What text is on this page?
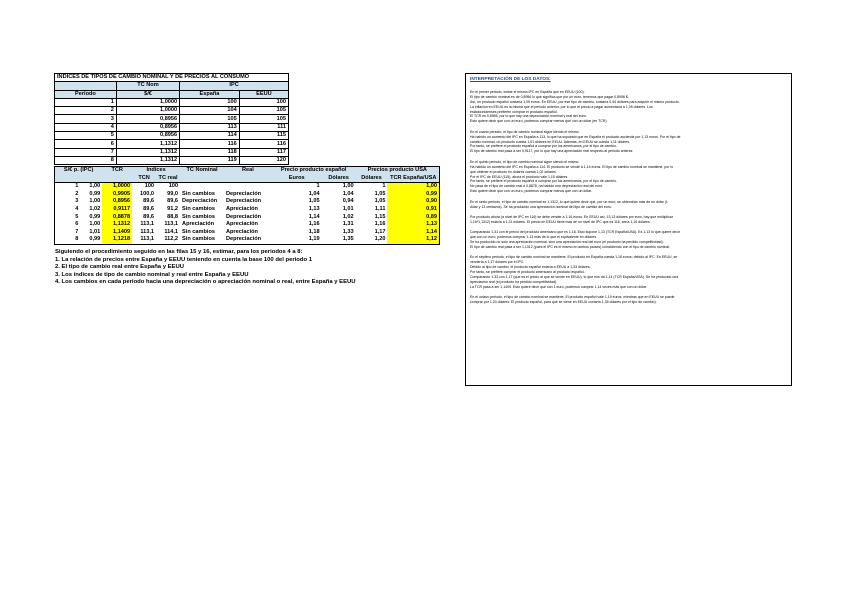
INDICES DE TIPOS DE CAMBIO NOMINAL Y DE PRECIOS AL CONSUMO			
	TC Nom	IPC	
Periodo	$/€	España	EEUU
1	1,0000	100	100
2	1,0000	104	105
3	0,8956	105	105
4	0,8956	113	111
5	0,8956	114	115
6	1,1312	116	116
7	1,1312	118	117
8	1,1312	119	120
S/€ p. (IPC)		TCR	Indices		TC Nominal	Real	Precio producto español		Precios producto USA	
			TCN	TC real			Euros	Dólares	Dólares	TCR España/USA
1	1,00	1,0000	100	100			1	1,00	1	1,00
2	0,99	0,9905	100,0	99,0	Sin cambios	Depreciación	1,04	1,04	1,05	0,99
3	1,00	0,8956	89,6	89,6	Depreciación	Depreciación	1,05	0,94	1,05	0,90
4	1,02	0,9117	89,6	91,2	Sin cambios	Apreciación	1,13	1,01	1,11	0,91
5	0,99	0,8878	89,6	88,8	Sin cambios	Depreciación	1,14	1,02	1,15	0,89
6	1,00	1,1312	113,1	113,1	Apreciación	Apreciación	1,16	1,31	1,16	1,13
7	1,01	1,1409	113,1	114,1	Sin cambios	Apreciación	1,18	1,33	1,17	1,14
8	0,99	1,1218	113,1	112,2	Sin cambios	Depreciación	1,19	1,35	1,20	1,12
Siguiendo el procedimiento seguido en las filas 15 y 16, estimar, para los periodos 4 a 8:
1. La relación de precios entre España y EEUU teniendo en cuenta la base 100 del periodo 1
2. El tipo de cambio real entre España y EEUU
3. Los índices de tipo de cambio nominal y real entre España y EEUU
4. Los cambios en cada periodo hacia una depreciación o apreciación nominal o real, entre España y EEUU
INTERPRETACIÓN DE LOS DATOS:

En el primer periodo, existe el mismo IPC en España que en EEUU (100).
El tipo de cambio nominal es de 0,8956 lo que significa que por un euro, tenemos que pagar 0,8956 $.
Así, un producto español costaría 1,05 euros. En EEUU, por ese tipo de cambio, costaría 0,94 dólares para adquirir el mismo producto.
La inflación en EEUU es la misma que el periodo anterior, por lo que el precio a pagar aumentaría a 1,05 dólares. Los
estadounidenses prefieren comprar el producto español.
El TCR es 0,8956, por lo que hay una depreciación nominal y real del euro.
Esto quiere decir que con un euro, podemos comprar menos que con un dólar (en TCR).

En el cuarto periodo, el tipo de cambio nominal sigue siendo el mismo.
Ha habido un aumento del IPC en España a 113, lo que ha supuesto que en España el producto ascienda por 1,13 euros. Por el tipo de
cambio nominal, un producto cuesta 1,01 dólares en EEUU. Además, en EEUU se cuesta 1,11 dólares.
Por tanto, se prefiere el producto español a comprar por los americanos, por el tipo de cambio.
El tipo de cambio real pasa a ser 0,9117, por lo que hay una apreciación real respecto al periodo anterior.

En el quinto periodo, el tipo de cambio nominal sigue siendo el mismo.
Ha habido un aumento del IPC en España a 114. El producto se vende a 1,14 euros. El tipo de cambio nominal se mantiene, por lo
que obtener el producto en dólares cuesta 1,02 dólares.
Por el IPC de EEUU (115), ahora el producto vale 1,15 dólares.
Por tanto, se prefiere el producto español a comprar por los americanos, por el tipo de cambio.
No pasa de el tipo de cambio real a 0,8878, ha habido una depreciación real del euro.
Esto quiere decir que con un euro, podemos comprar menos que con un dólar.

En el sexto periodo, el tipo de cambio nominal es 1,1312, lo que quiere decir que, por un euro, se obtendrán más de un dólar (1
dólar y 13 centavos). Se ha producido una apreciación nominal del tipo de cambio del euro.

Por producto ahora (a nivel de IPC en 116) se debe vender a 1,16 euros. En EEUU así, 13,13 dólares por euro, hay que multiplicar
1,16*1,1312) estaría a 1,31 dólares. El precio en EEUU tiene más de un nivel de IPC que es 116, sería 1,16 dólares.

Comparando 1,31 con el precio del producto americano que es 1,16. Esto supone 1,13 (TCR España/USA). Es 1,13 lo que quiere decir
que con un euro, podemos comprar 1,13 más de lo que el equivalente en dólares.
Se ha producido no solo una apreciación nominal, sino una apreciación real del euro (el producto ha perdido competitividad).
El tipo de cambio real pasa a ser 1,1312 (pues el IPC es el mismo en ambos países) coincidiendo con el tipo de cambio nominal.

En el séptimo periodo, el tipo de cambio nominal se mantiene. El producto en España cuesta 1,18 euros; debido al IPC. En EEUU, se
vendería a 1,17 dólares por el IPC.
Debido al tipo de cambio, el producto español estaría a EEUU a 1,33 dólares.
Por tanto, se prefiere comprar el producto americano al producto español.
Comparando 1,33 con 1,17 (que es el precio al que se vende en EEUU), lo que nos da 1,14 (TCR España/USA). Se ha producido una
apreciación real (el producto ha perdido competitividad).
La TCR pasa a ser 1,1409. Esto quiere decir que con 1 euro, podemos comprar 1,14 veces más que con un dólar.

En el octavo periodo, el tipo de cambio nominal se mantiene. El producto español vale 1,19 euros, mientras que en EEUU se puede
comprar por 1,20 dólares. El producto español, para que se viene en EEUU costaría 1,35 dólares por el tipo de cambio).
